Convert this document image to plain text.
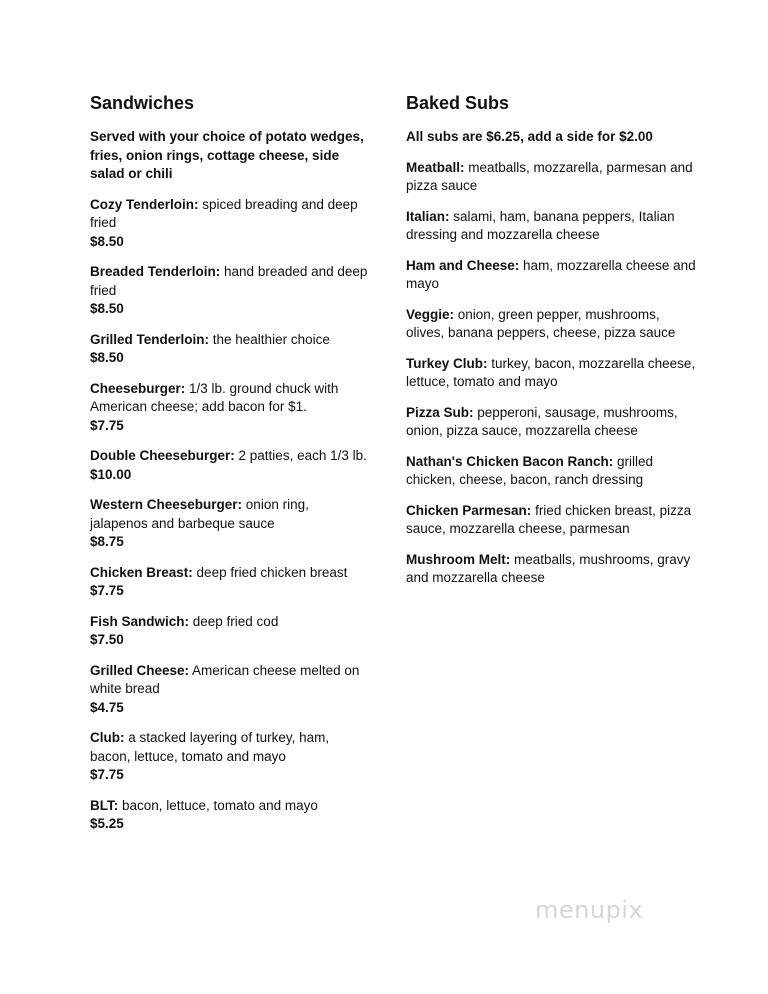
Sandwiches

Served with your choice of potato wedges, fries, onion rings, cottage cheese, side salad or chili

Cozy Tenderloin: spiced breading and deep fried
$8.50
Breaded Tenderloin: hand breaded and deep fried
$8.50
Grilled Tenderloin: the healthier choice
$8.50
Cheeseburger: 1/3 lb. ground chuck with American cheese; add bacon for $1.
$7.75
Double Cheeseburger: 2 patties, each 1/3 lb.
$10.00
Western Cheeseburger: onion ring, jalapenos and barbeque sauce
$8.75
Chicken Breast: deep fried chicken breast
$7.75
Fish Sandwich: deep fried cod
$7.50
Grilled Cheese: American cheese melted on white bread
$4.75
Club: a stacked layering of turkey, ham, bacon, lettuce, tomato and mayo
$7.75
BLT: bacon, lettuce, tomato and mayo
$5.25
Baked Subs

All subs are $6.25, add a side for $2.00

Meatball: meatballs, mozzarella, parmesan and pizza sauce
Italian: salami, ham, banana peppers, Italian dressing and mozzarella cheese
Ham and Cheese: ham, mozzarella cheese and mayo
Veggie: onion, green pepper, mushrooms, olives, banana peppers, cheese, pizza sauce
Turkey Club: turkey, bacon, mozzarella cheese, lettuce, tomato and mayo
Pizza Sub: pepperoni, sausage, mushrooms, onion, pizza sauce, mozzarella cheese
Nathan's Chicken Bacon Ranch: grilled chicken, cheese, bacon, ranch dressing
Chicken Parmesan: fried chicken breast, pizza sauce, mozzarella cheese, parmesan
Mushroom Melt: meatballs, mushrooms, gravy and mozzarella cheese
menupix
